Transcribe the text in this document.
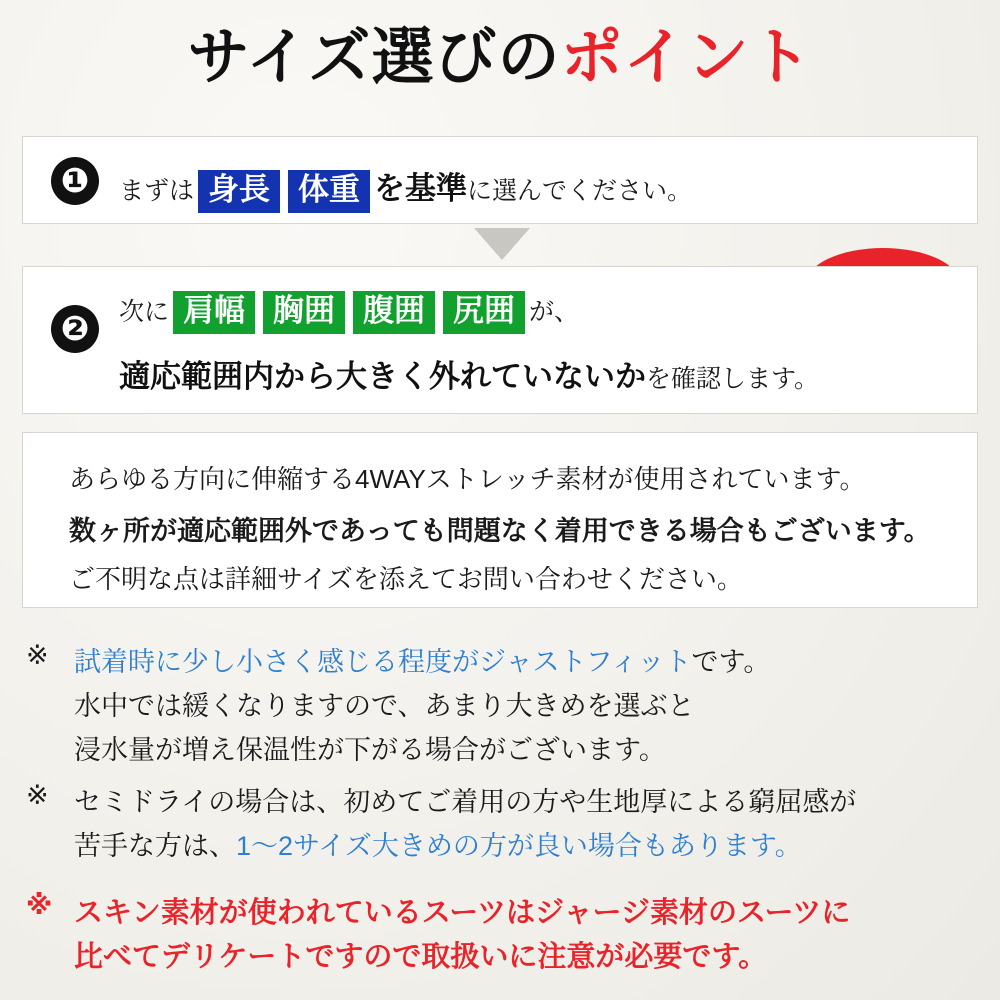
サイズ選びのポイント
❶	まずは 身長 体重 を基準に選んでください。
❷	次に 肩幅 胸囲 腹囲 尻囲 が、
適応範囲内から大きく外れていないかを確認します。
あらゆる方向に伸縮する4WAYストレッチ素材が使用されています。
数ヶ所が適応範囲外であっても問題なく着用できる場合もございます。
ご不明な点は詳細サイズを添えてお問い合わせください。
※ 試着時に少し小さく感じる程度がジャストフィットです。
水中では緩くなりますので、あまり大きめを選ぶと
浸水量が増え保温性が下がる場合がございます。
※ セミドライの場合は、初めてご着用の方や生地厚による窮屈感が
苦手な方は、1〜2サイズ大きめの方が良い場合もあります。
※ スキン素材が使われているスーツはジャージ素材のスーツに
比べてデリケートですので取扱いに注意が必要です。
